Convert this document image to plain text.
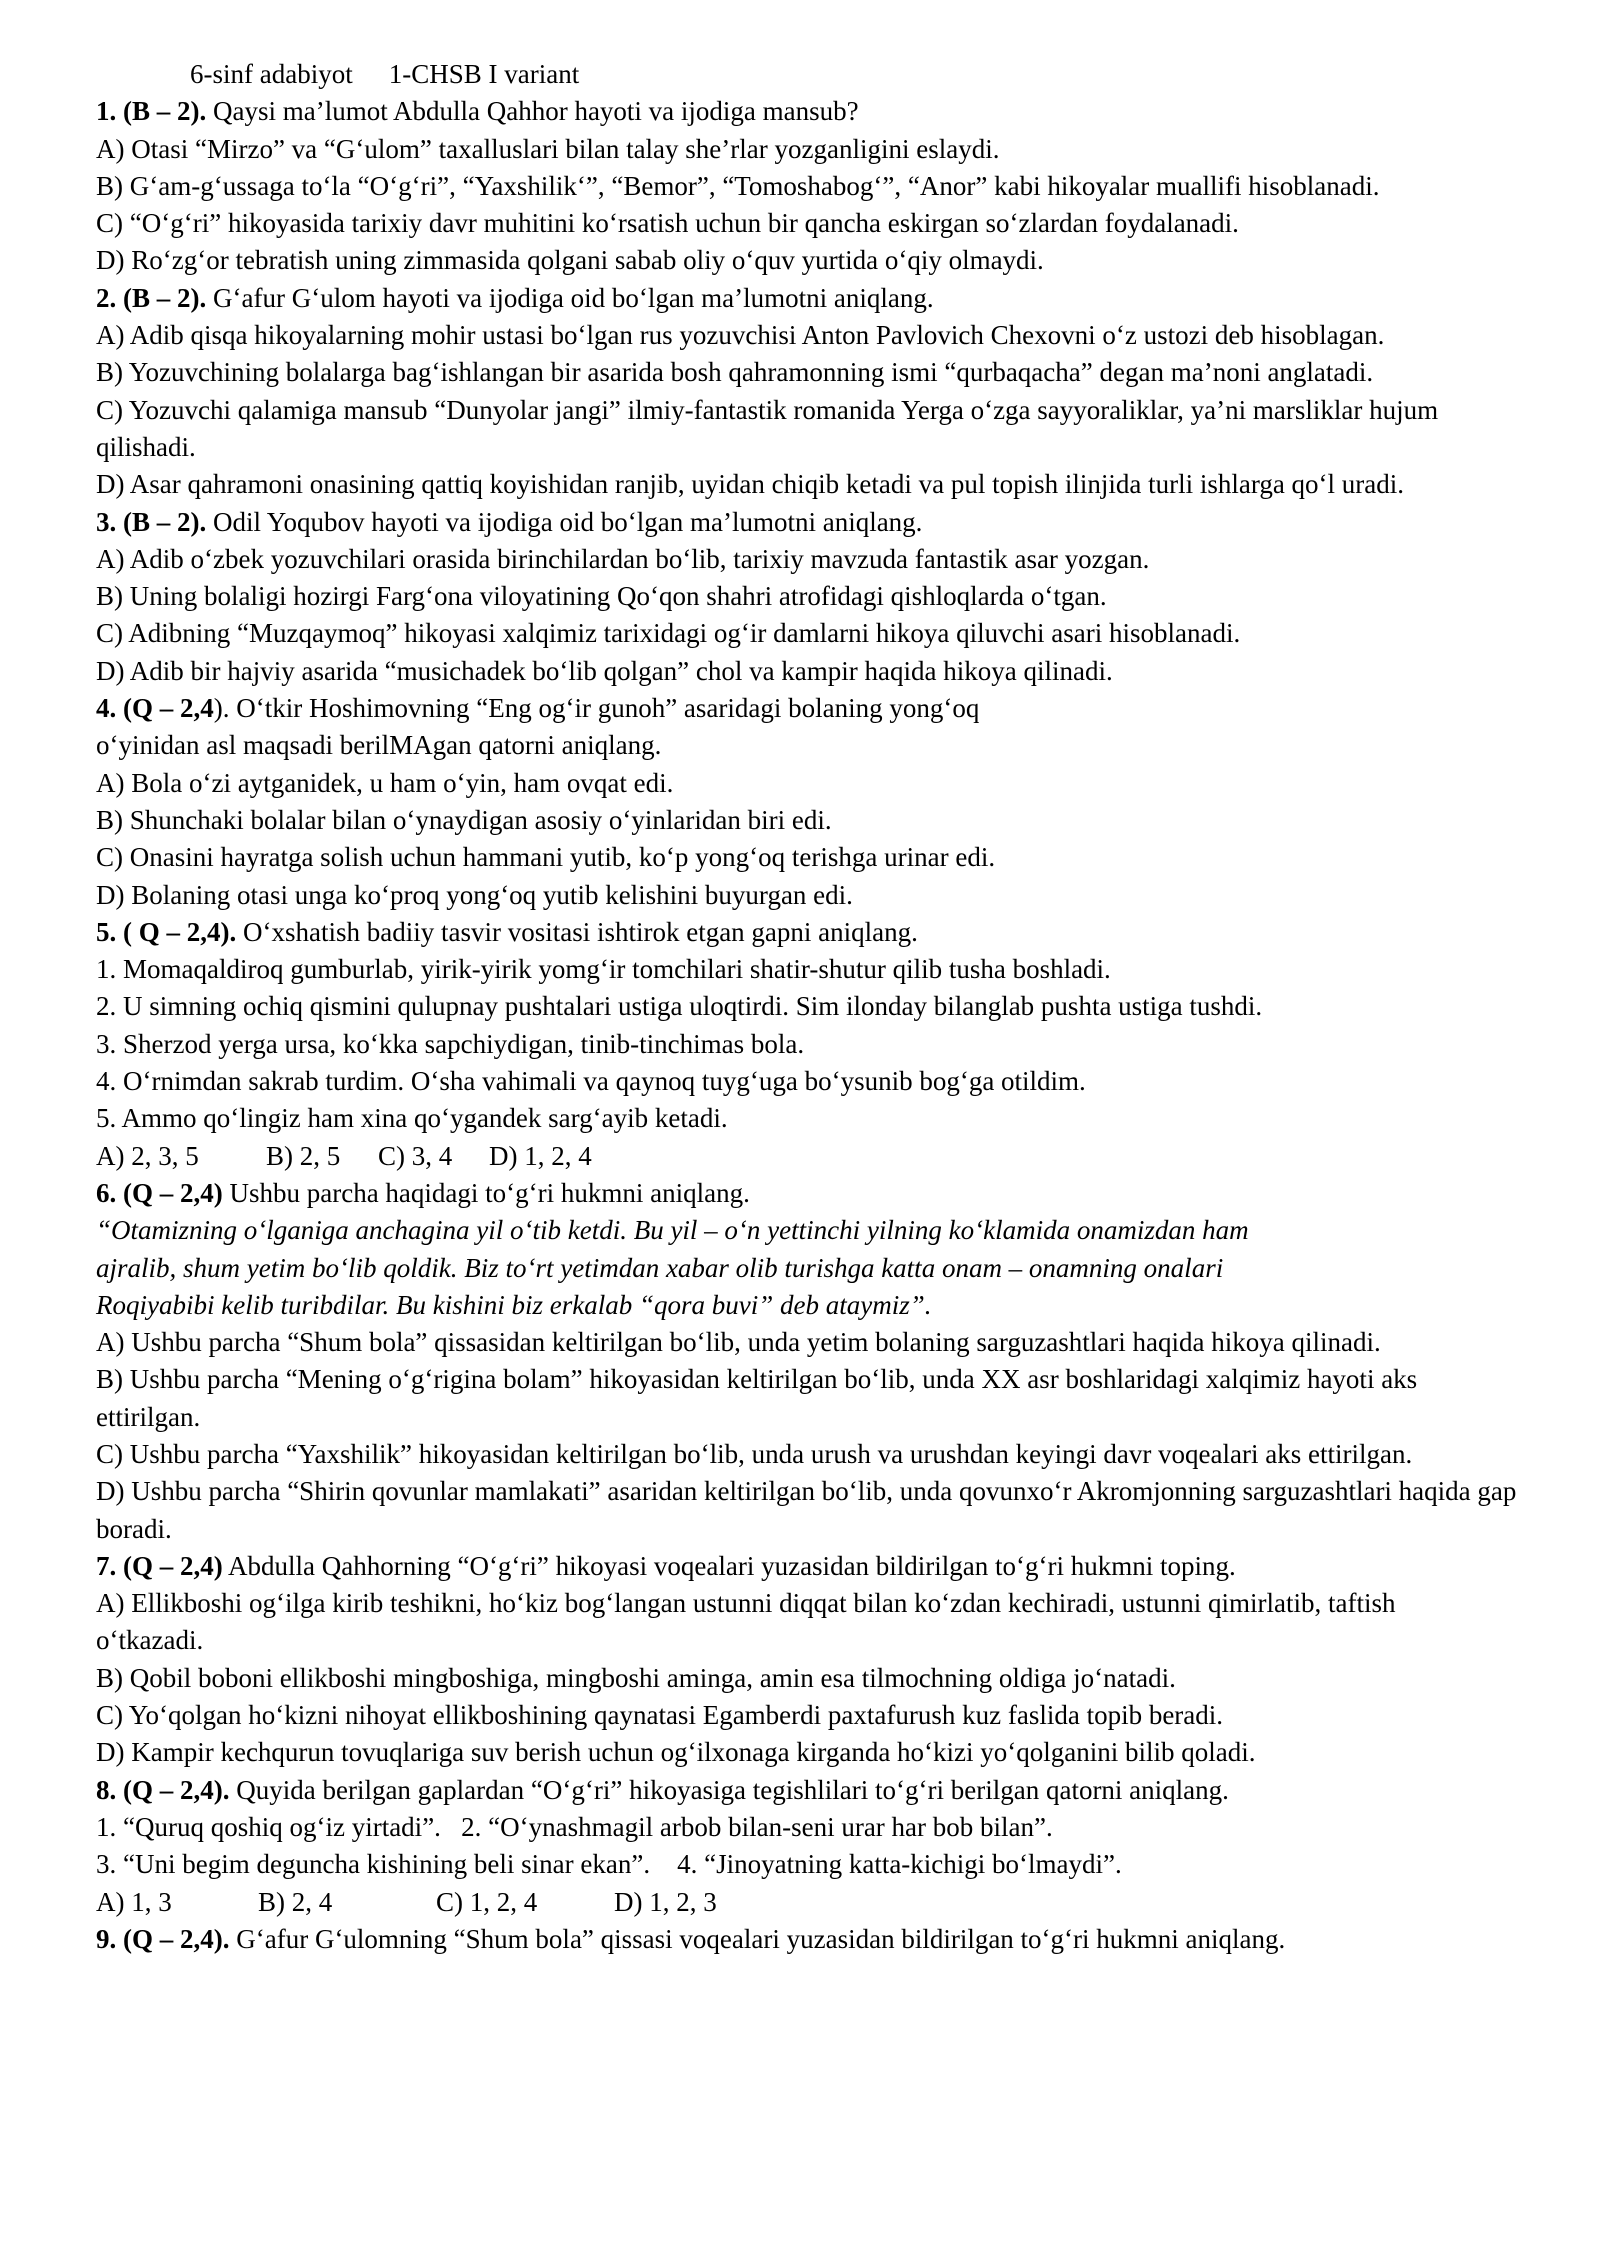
6-sinf adabiyot 1-CHSB I variant
1. (B – 2). Qaysi ma’lumot Abdulla Qahhor hayoti va ijodiga mansub?
A) Otasi “Mirzo” va “G‘ulom” taxalluslari bilan talay she’rlar yozganligini eslaydi.
B) G‘am-g‘ussaga to‘la “O‘g‘ri”, “Yaxshilik‘”, “Bemor”, “Tomoshabog‘”, “Anor” kabi hikoyalar muallifi hisoblanadi.
C) “O‘g‘ri” hikoyasida tarixiy davr muhitini ko‘rsatish uchun bir qancha eskirgan so‘zlardan foydalanadi.
D) Ro‘zg‘or tebratish uning zimmasida qolgani sabab oliy o‘quv yurtida o‘qiy olmaydi.
2. (B – 2). G‘afur G‘ulom hayoti va ijodiga oid bo‘lgan ma’lumotni aniqlang.
A) Adib qisqa hikoyalarning mohir ustasi bo‘lgan rus yozuvchisi Anton Pavlovich Chexovni o‘z ustozi deb hisoblagan.
B) Yozuvchining bolalarga bag‘ishlangan bir asarida bosh qahramonning ismi “qurbaqacha” degan ma’noni anglatadi.
C) Yozuvchi qalamiga mansub “Dunyolar jangi” ilmiy-fantastik romanida Yerga o‘zga sayyoraliklar, ya’ni marsliklar hujum qilishadi.
D) Asar qahramoni onasining qattiq koyishidan ranjib, uyidan chiqib ketadi va pul topish ilinjida turli ishlarga qo‘l uradi.
3. (B – 2). Odil Yoqubov hayoti va ijodiga oid bo‘lgan ma’lumotni aniqlang.
A) Adib o‘zbek yozuvchilari orasida birinchilardan bo‘lib, tarixiy mavzuda fantastik asar yozgan.
B) Uning bolaligi hozirgi Farg‘ona viloyatining Qo‘qon shahri atrofidagi qishloqlarda o‘tgan.
C) Adibning “Muzqaymoq” hikoyasi xalqimiz tarixidagi og‘ir damlarni hikoya qiluvchi asari hisoblanadi.
D) Adib bir hajviy asarida “musichadek bo‘lib qolgan” chol va kampir haqida hikoya qilinadi.
4. (Q – 2,4). O‘tkir Hoshimovning “Eng og‘ir gunoh” asaridagi bolaning yong‘oq
o‘yinidan asl maqsadi berilMAgan qatorni aniqlang.
A) Bola o‘zi aytganidek, u ham o‘yin, ham ovqat edi.
B) Shunchaki bolalar bilan o‘ynaydigan asosiy o‘yinlaridan biri edi.
C) Onasini hayratga solish uchun hammani yutib, ko‘p yong‘oq terishga urinar edi.
D) Bolaning otasi unga ko‘proq yong‘oq yutib kelishini buyurgan edi.
5. ( Q – 2,4). O‘xshatish badiiy tasvir vositasi ishtirok etgan gapni aniqlang.
1. Momaqaldiroq gumburlab, yirik-yirik yomg‘ir tomchilari shatir-shutur qilib tusha boshladi.
2. U simning ochiq qismini qulupnay pushtalari ustiga uloqtirdi. Sim ilonday bilanglab pushta ustiga tushdi.
3. Sherzod yerga ursa, ko‘kka sapchiydigan, tinib-tinchimas bola.
4. O‘rnimdan sakrab turdim. O‘sha vahimali va qaynoq tuyg‘uga bo‘ysunib bog‘ga otildim.
5. Ammo qo‘lingiz ham xina qo‘ygandek sarg‘ayib ketadi.
A) 2, 3, 5 B) 2, 5 C) 3, 4 D) 1, 2, 4
6. (Q – 2,4) Ushbu parcha haqidagi to‘g‘ri hukmni aniqlang.
“Otamizning o‘lganiga anchagina yil o‘tib ketdi. Bu yil – o‘n yettinchi yilning ko‘klamida onamizdan ham
ajralib, shum yetim bo‘lib qoldik. Biz to‘rt yetimdan xabar olib turishga katta onam – onamning onalari
Roqiyabibi kelib turibdilar. Bu kishini biz erkalab “qora buvi” deb ataymiz”.
A) Ushbu parcha “Shum bola” qissasidan keltirilgan bo‘lib, unda yetim bolaning sarguzashtlari haqida hikoya qilinadi.
B) Ushbu parcha “Mening o‘g‘rigina bolam” hikoyasidan keltirilgan bo‘lib, unda XX asr boshlaridagi xalqimiz hayoti aks ettirilgan.
C) Ushbu parcha “Yaxshilik” hikoyasidan keltirilgan bo‘lib, unda urush va urushdan keyingi davr voqealari aks ettirilgan.
D) Ushbu parcha “Shirin qovunlar mamlakati” asaridan keltirilgan bo‘lib, unda qovunxo‘r Akromjonning sarguzashtlari haqida gap boradi.
7. (Q – 2,4) Abdulla Qahhorning “O‘g‘ri” hikoyasi voqealari yuzasidan bildirilgan to‘g‘ri hukmni toping.
A) Ellikboshi og‘ilga kirib teshikni, ho‘kiz bog‘langan ustunni diqqat bilan ko‘zdan kechiradi, ustunni qimirlatib, taftish o‘tkazadi.
B) Qobil boboni ellikboshi mingboshiga, mingboshi aminga, amin esa tilmochning oldiga jo‘natadi.
C) Yo‘qolgan ho‘kizni nihoyat ellikboshining qaynatasi Egamberdi paxtafurush kuz faslida topib beradi.
D) Kampir kechqurun tovuqlariga suv berish uchun og‘ilxonaga kirganda ho‘kizi yo‘qolganini bilib qoladi.
8. (Q – 2,4). Quyida berilgan gaplardan “O‘g‘ri” hikoyasiga tegishlilari to‘g‘ri berilgan qatorni aniqlang.
1. “Quruq qoshiq og‘iz yirtadi”.   2. “O‘ynashmagil arbob bilan-seni urar har bob bilan”.
3. “Uni begim deguncha kishining beli sinar ekan”.    4. “Jinoyatning katta-kichigi bo‘lmaydi”.
A) 1, 3	B) 2, 4	C) 1, 2, 4	D) 1, 2, 3
9. (Q – 2,4). G‘afur G‘ulomning “Shum bola” qissasi voqealari yuzasidan bildirilgan to‘g‘ri hukmni aniqlang.
